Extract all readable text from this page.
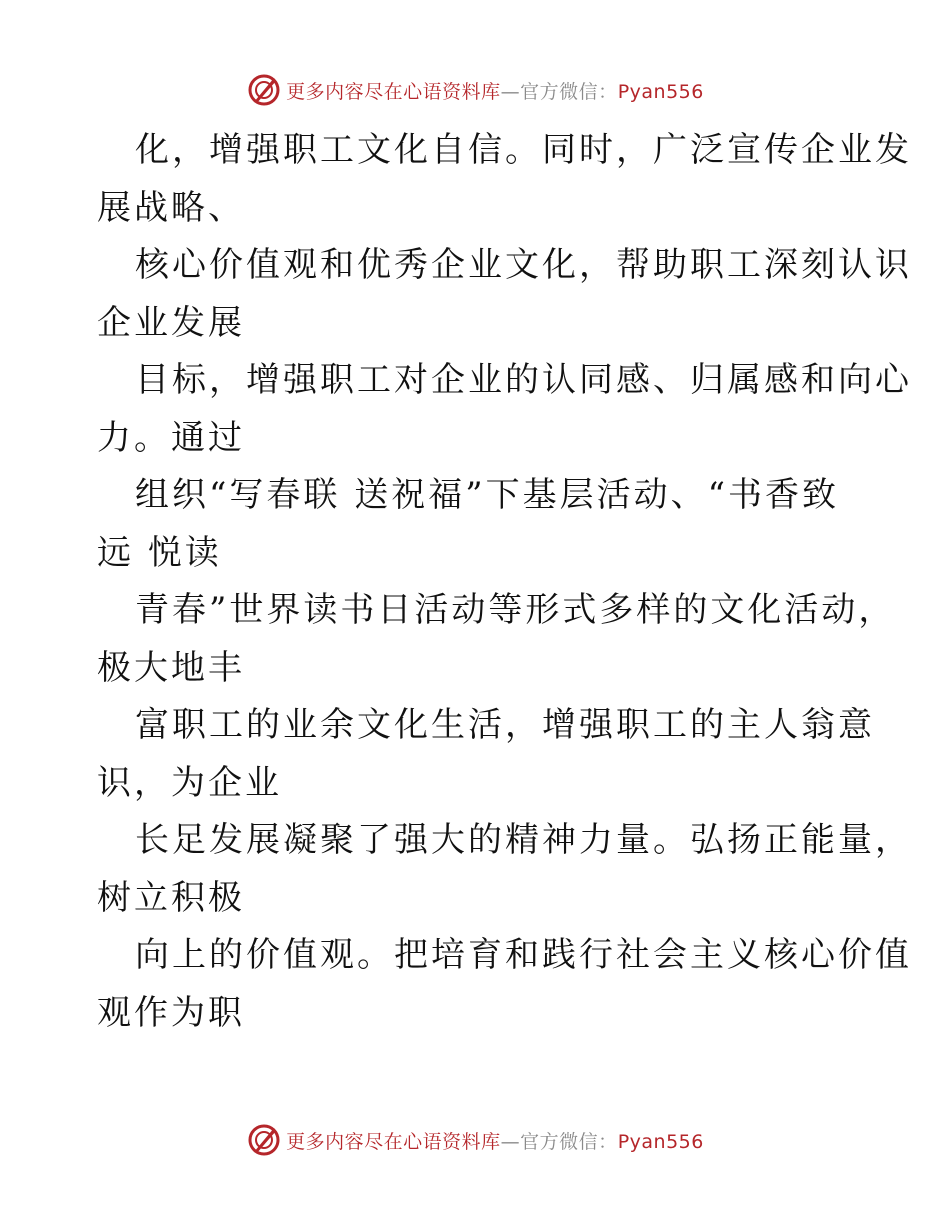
更多内容尽在心语资料库—官方微信：Pyan556
化，增强职工文化自信。同时，广泛宣传企业发
展战略、
核心价值观和优秀企业文化，帮助职工深刻认识
企业发展
目标，增强职工对企业的认同感、归属感和向心
力。通过
组织“写春联 送祝福”下基层活动、“书香致
远 悦读
青春”世界读书日活动等形式多样的文化活动，
极大地丰
富职工的业余文化生活，增强职工的主人翁意
识，为企业
长足发展凝聚了强大的精神力量。弘扬正能量，
树立积极
向上的价值观。把培育和践行社会主义核心价值
观作为职
更多内容尽在心语资料库—官方微信：Pyan556
